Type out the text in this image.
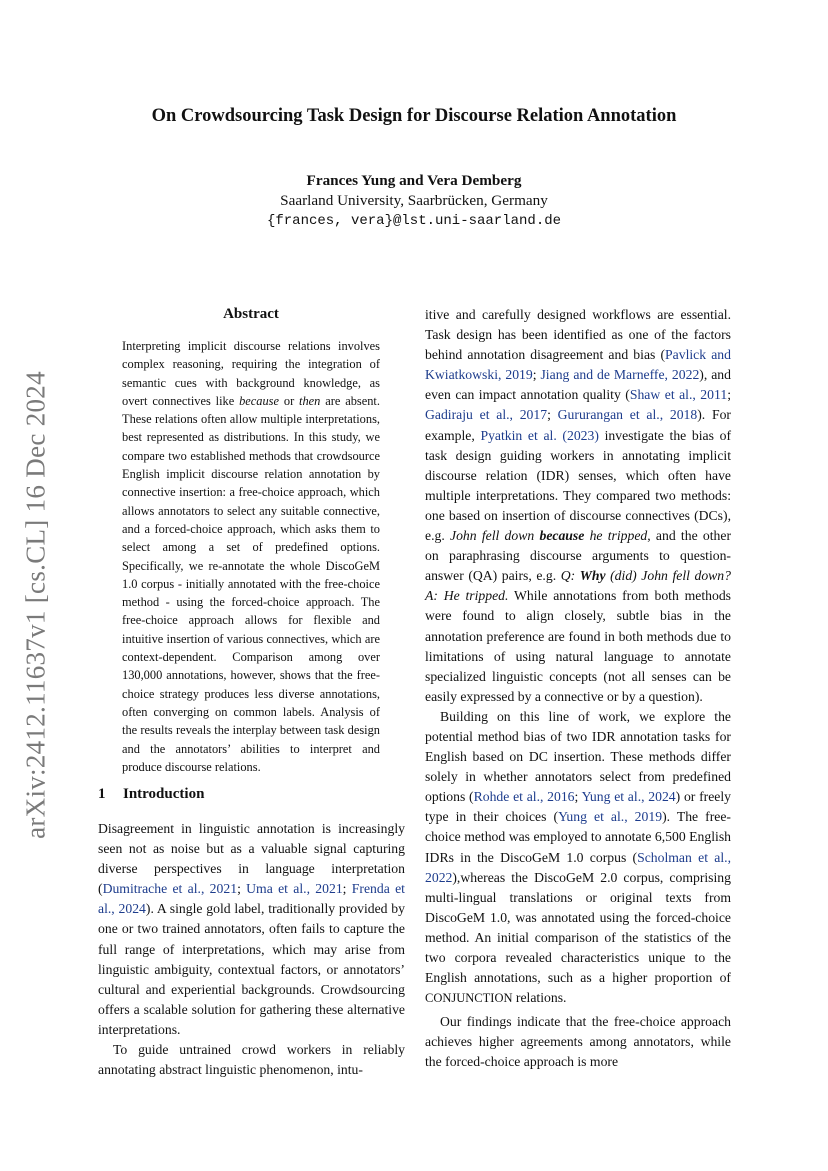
arXiv:2412.11637v1 [cs.CL] 16 Dec 2024
On Crowdsourcing Task Design for Discourse Relation Annotation
Frances Yung and Vera Demberg
Saarland University, Saarbrücken, Germany
{frances, vera}@lst.uni-saarland.de
Abstract

Interpreting implicit discourse relations involves complex reasoning, requiring the integration of semantic cues with background knowledge, as overt connectives like because or then are absent. These relations often allow multiple interpretations, best represented as distributions. In this study, we compare two established methods that crowdsource English implicit discourse relation annotation by connective insertion: a free-choice approach, which allows annotators to select any suitable connective, and a forced-choice approach, which asks them to select among a set of predefined options. Specifically, we re-annotate the whole DiscoGeM 1.0 corpus - initially annotated with the free-choice method - using the forced-choice approach. The free-choice approach allows for flexible and intuitive insertion of various connectives, which are context-dependent. Comparison among over 130,000 annotations, however, shows that the free-choice strategy produces less diverse annotations, often converging on common labels. Analysis of the results reveals the interplay between task design and the annotators’ abilities to interpret and produce discourse relations.

1 Introduction

Disagreement in linguistic annotation is increasingly seen not as noise but as a valuable signal capturing diverse perspectives in language interpretation (Dumitrache et al., 2021; Uma et al., 2021; Frenda et al., 2024). A single gold label, traditionally provided by one or two trained annotators, often fails to capture the full range of interpretations, which may arise from linguistic ambiguity, contextual factors, or annotators’ cultural and experiential backgrounds. Crowdsourcing offers a scalable solution for gathering these alternative interpretations.

To guide untrained crowd workers in reliably annotating abstract linguistic phenomenon, intu-

itive and carefully designed workflows are essential. Task design has been identified as one of the factors behind annotation disagreement and bias (Pavlick and Kwiatkowski, 2019; Jiang and de Marneffe, 2022), and even can impact annotation quality (Shaw et al., 2011; Gadiraju et al., 2017; Gururangan et al., 2018). For example, Pyatkin et al. (2023) investigate the bias of task design guiding workers in annotating implicit discourse relation (IDR) senses, which often have multiple interpretations. They compared two methods: one based on insertion of discourse connectives (DCs), e.g. John fell down because he tripped, and the other on paraphrasing discourse arguments to question-answer (QA) pairs, e.g. Q: Why (did) John fell down? A: He tripped. While annotations from both methods were found to align closely, subtle bias in the annotation preference are found in both methods due to limitations of using natural language to annotate specialized linguistic concepts (not all senses can be easily expressed by a connective or by a question).

Building on this line of work, we explore the potential method bias of two IDR annotation tasks for English based on DC insertion. These methods differ solely in whether annotators select from predefined options (Rohde et al., 2016; Yung et al., 2024) or freely type in their choices (Yung et al., 2019). The free-choice method was employed to annotate 6,500 English IDRs in the DiscoGeM 1.0 corpus (Scholman et al., 2022),whereas the DiscoGeM 2.0 corpus, comprising multi-lingual translations or original texts from DiscoGeM 1.0, was annotated using the forced-choice method. An initial comparison of the statistics of the two corpora revealed characteristics unique to the English annotations, such as a higher proportion of CONJUNCTION relations.

Our findings indicate that the free-choice approach achieves higher agreements among annotators, while the forced-choice approach is more
